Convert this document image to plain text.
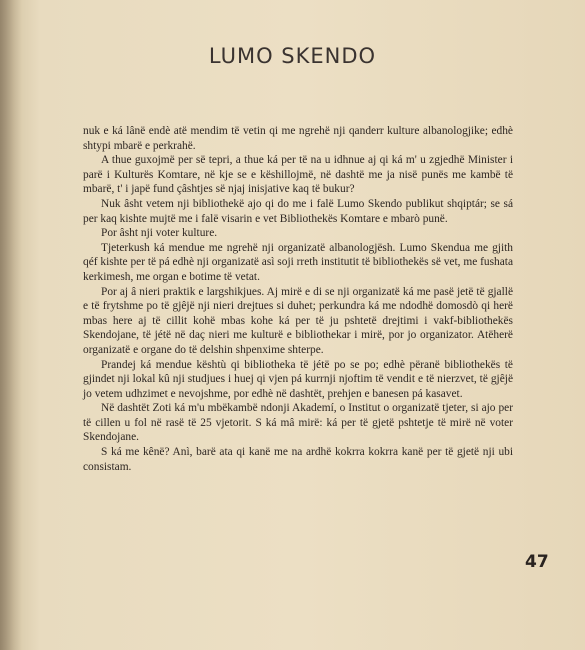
LUMO SKENDO

nuk e ká lânë endè atë mendim të vetin qi me ngrehë nji qanderr kulture albanologjike; edhè shtypi mbarë e perkrahë.

A thue guxojmë per së tepri, a thue ká per të na u idhnue aj qi ká m' u zgjedhë Minister i parë i Kulturës Komtare, në kje se e këshillojmë, në dashtë me ja nisë punës me kambë të mbarë, t' i japë fund çâshtjes së njaj inisjative kaq të bukur?

Nuk âsht vetem nji bibliothekë ajo qi do me i falë Lumo Skendo publikut shqiptár; se sá per kaq kishte mujtë me i falë visarin e vet Bibliothekës Komtare e mbarò punë.

Por âsht nji voter kulture.

Tjeterkush ká mendue me ngrehë nji organizatë albanologjësh. Lumo Skendua me gjith qéf kishte per të pá edhè nji organizatë asì soji rreth institutit të bibliothekës së vet, me fushata kerkimesh, me organ e botime të vetat.

Por aj â nieri praktik e largshikjues. Aj mirë e di se nji organizatë ká me pasë jetë të gjallë e të frytshme po të gjêjë nji nieri drejtues si duhet; perkundra ká me ndodhë domosdò qi herë mbas here aj të cillit kohë mbas kohe ká per të ju pshtetë drejtimi i vakf-bibliothekës Skendojane, të jétë në daç nieri me kulturë e bibliothekar i mirë, por jo organizator. Atëherë organizatë e organe do të delshin shpenxime shterpe.

Prandej ká mendue kështù qi bibliotheka të jétë po se po; edhè përanë bibliothekës të gjindet nji lokal kû nji studjues i huej qi vjen pá kurrnji njoftim të vendit e të nierzvet, të gjêjë jo vetem udhzimet e nevojshme, por edhè në dashtët, prehjen e banesen pá kasavet.

Në dashtët Zoti ká m'u mbëkambë ndonji Akademí, o Institut o organizatë tjeter, si ajo per të cillen u fol në rasë të 25 vjetorit. S ká mâ mirë: ká per të gjetë pshtetje të mirë në voter Skendojane.

S ká me kênë? Anì, barë ata qi kanë me na ardhë kokrra kokrra kanë per të gjetë nji ubi consistam.

47
